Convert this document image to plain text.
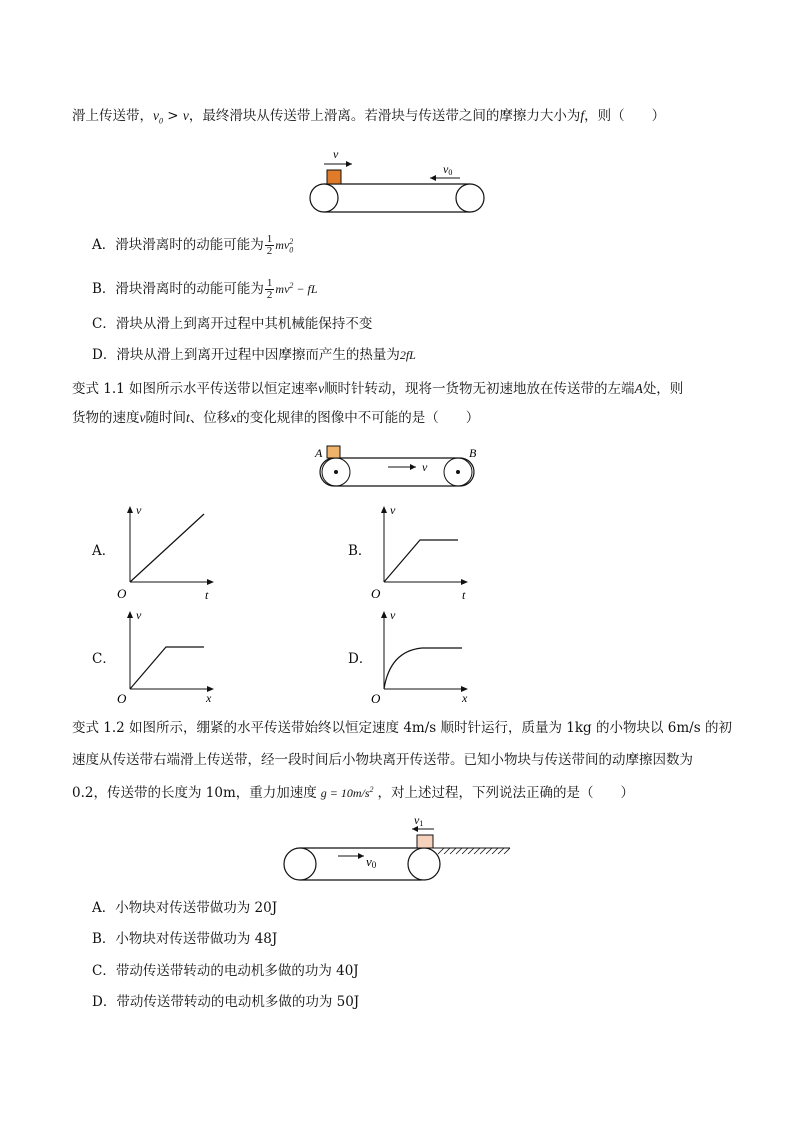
滑上传送带，$v_0 > v$，最终滑块从传送带上滑离。若滑块与传送带之间的摩擦力大小为f，则（　　）
v
v0
A．滑块滑离时的动能可能为 $\frac{1}{2} mv_0^2$
B．滑块滑离时的动能可能为 $\frac{1}{2} mv^2$ − fL
C．滑块从滑上到离开过程中其机械能保持不变
D．滑块从滑上到离开过程中因摩擦而产生的热量为2fL
变式 1.1 如图所示水平传送带以恒定速率v顺时针转动，现将一货物无初速地放在传送带的左端A处，则
货物的速度v随时间t、位移x的变化规律的图像中不可能的是（　　）
A	B
v
A．
v
t
O
B．
v
t
O
C．
v
x
O
D．
v
x
O
变式 1.2 如图所示，绷紧的水平传送带始终以恒定速度 4m/s 顺时针运行，质量为 1kg 的小物块以 6m/s 的初
速度从传送带右端滑上传送带，经一段时间后小物块离开传送带。已知小物块与传送带间的动摩擦因数为
0.2，传送带的长度为 10m，重力加速度 $g = 10m/s^2$ ，对上述过程，下列说法正确的是（　　）
v1
v0
A．小物块对传送带做功为 20J
B．小物块对传送带做功为 48J
C．带动传送带转动的电动机多做的功为 40J
D．带动传送带转动的电动机多做的功为 50J
